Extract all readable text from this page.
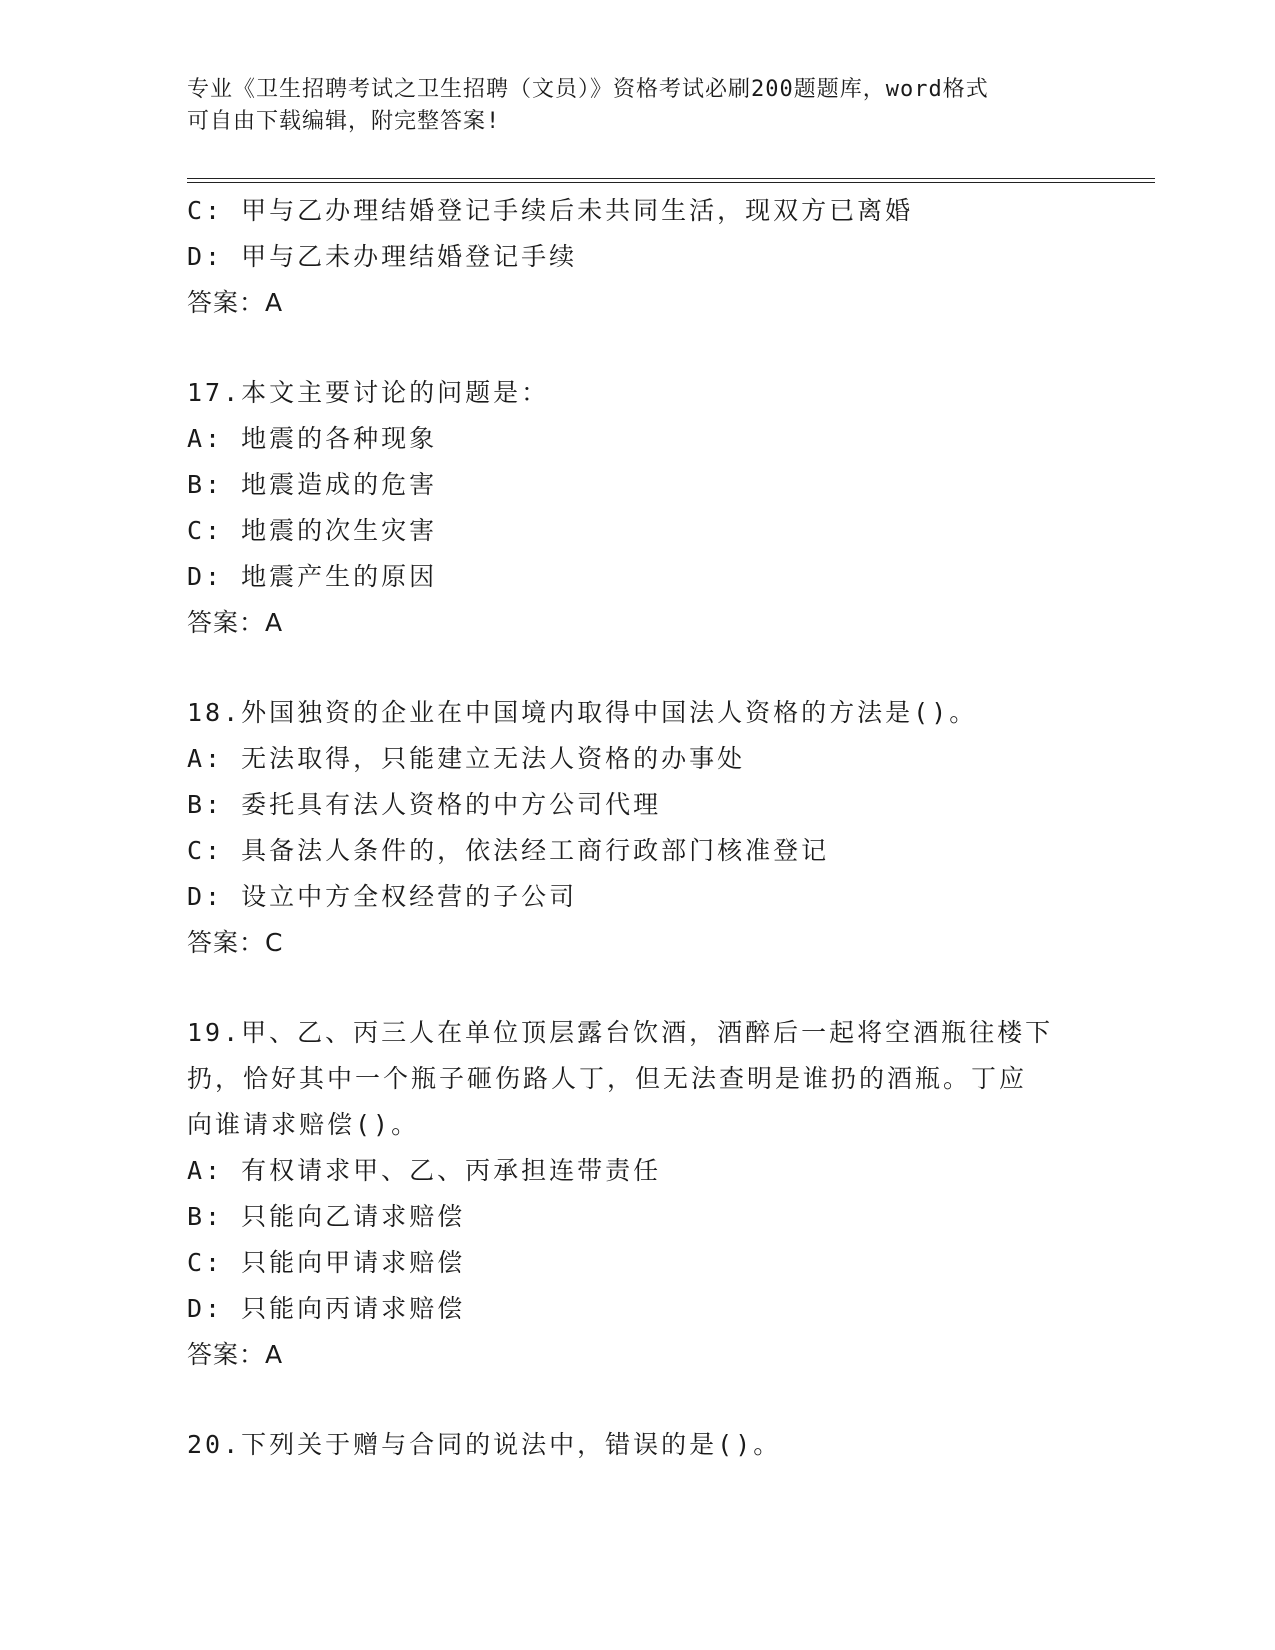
专业《卫生招聘考试之卫生招聘（文员）》资格考试必刷200题题库，word格式
可自由下载编辑，附完整答案!
C: 甲与乙办理结婚登记手续后未共同生活，现双方已离婚
D: 甲与乙未办理结婚登记手续
答案：A
17.本文主要讨论的问题是：
A: 地震的各种现象
B: 地震造成的危害
C: 地震的次生灾害
D: 地震产生的原因
答案：A
18.外国独资的企业在中国境内取得中国法人资格的方法是()。
A: 无法取得，只能建立无法人资格的办事处
B: 委托具有法人资格的中方公司代理
C: 具备法人条件的，依法经工商行政部门核准登记
D: 设立中方全权经营的子公司
答案：C
19.甲、乙、丙三人在单位顶层露台饮酒，酒醉后一起将空酒瓶往楼下
扔，恰好其中一个瓶子砸伤路人丁，但无法查明是谁扔的酒瓶。丁应
向谁请求赔偿()。
A: 有权请求甲、乙、丙承担连带责任
B: 只能向乙请求赔偿
C: 只能向甲请求赔偿
D: 只能向丙请求赔偿
答案：A
20.下列关于赠与合同的说法中，错误的是()。
